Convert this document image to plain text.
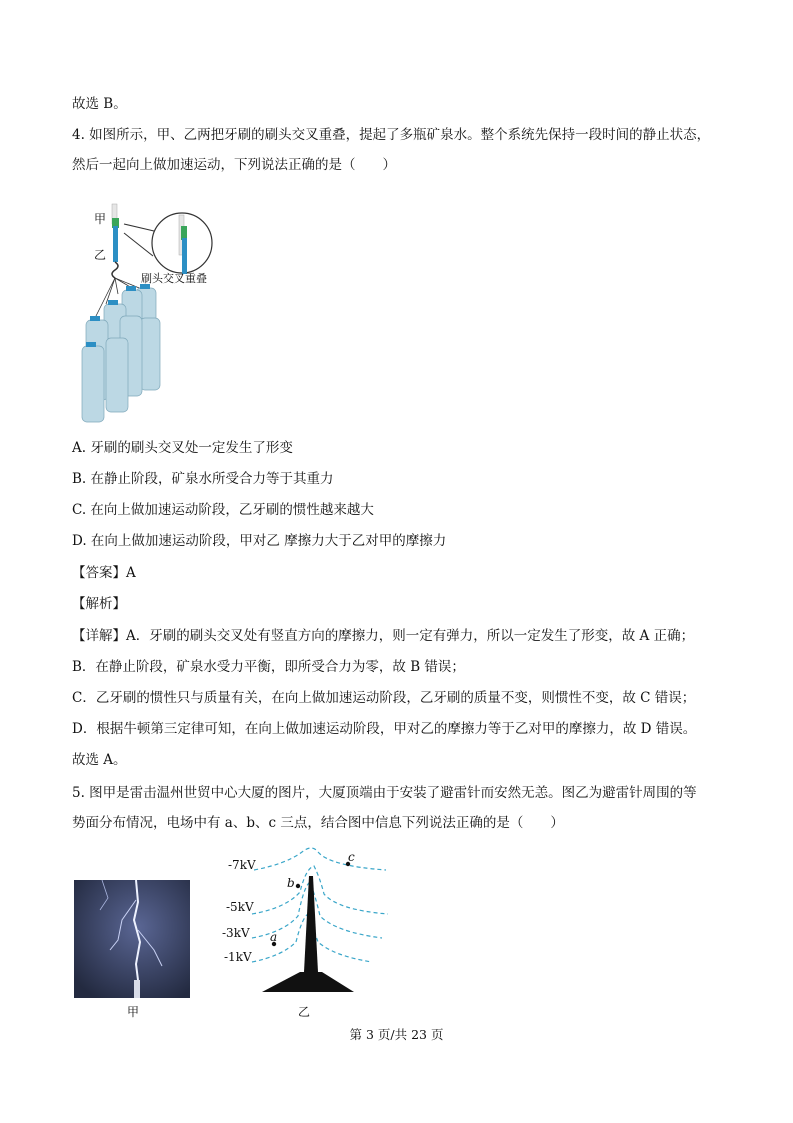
故选 B。
4. 如图所示，甲、乙两把牙刷的刷头交叉重叠，提起了多瓶矿泉水。整个系统先保持一段时间的静止状态，
然后一起向上做加速运动，下列说法正确的是（　　）
甲
乙
刷头交叉重叠
A. 牙刷的刷头交叉处一定发生了形变
B. 在静止阶段，矿泉水所受合力等于其重力
C. 在向上做加速运动阶段，乙牙刷的惯性越来越大
D. 在向上做加速运动阶段，甲对乙 摩擦力大于乙对甲的摩擦力
【答案】A
【解析】
【详解】A．牙刷的刷头交叉处有竖直方向的摩擦力，则一定有弹力，所以一定发生了形变，故 A 正确；
B．在静止阶段，矿泉水受力平衡，即所受合力为零，故 B 错误；
C．乙牙刷的惯性只与质量有关，在向上做加速运动阶段，乙牙刷的质量不变，则惯性不变，故 C 错误；
D．根据牛顿第三定律可知，在向上做加速运动阶段，甲对乙的摩擦力等于乙对甲的摩擦力，故 D 错误。
故选 A。
5. 图甲是雷击温州世贸中心大厦的图片，大厦顶端由于安装了避雷针而安然无恙。图乙为避雷针周围的等
势面分布情况，电场中有 a、b、c 三点，结合图中信息下列说法正确的是（　　）
甲
-7kV
-5kV
-3kV
-1kV
a
b
c
乙
第 3 页/共 23 页
